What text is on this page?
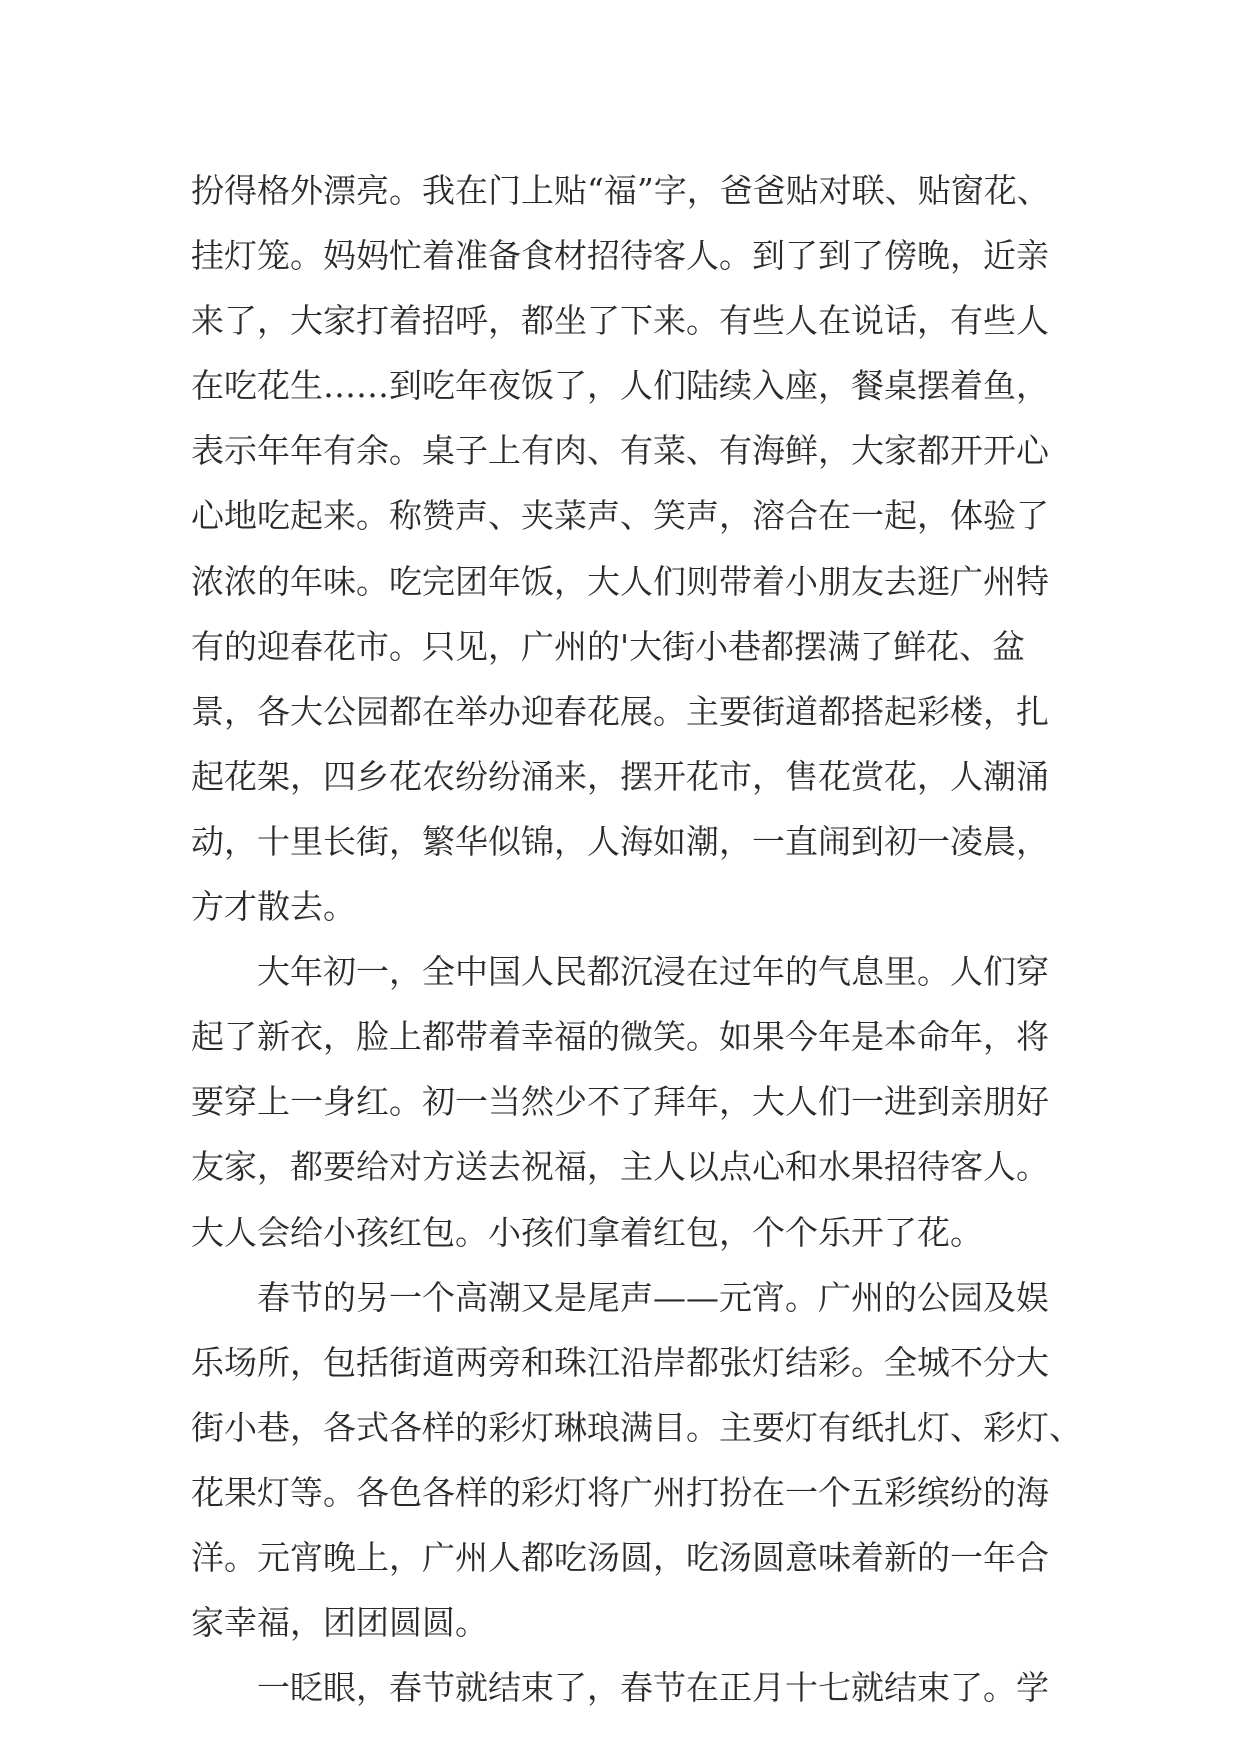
扮得格外漂亮。我在门上贴“福”字，爸爸贴对联、贴窗花、
挂灯笼。妈妈忙着准备食材招待客人。到了到了傍晚，近亲
来了，大家打着招呼，都坐了下来。有些人在说话，有些人
在吃花生……到吃年夜饭了，人们陆续入座，餐桌摆着鱼，
表示年年有余。桌子上有肉、有菜、有海鲜，大家都开开心
心地吃起来。称赞声、夹菜声、笑声，溶合在一起，体验了
浓浓的年味。吃完团年饭，大人们则带着小朋友去逛广州特
有的迎春花市。只见，广州的'大街小巷都摆满了鲜花、盆
景，各大公园都在举办迎春花展。主要街道都搭起彩楼，扎
起花架，四乡花农纷纷涌来，摆开花市，售花赏花，人潮涌
动，十里长街，繁华似锦，人海如潮，一直闹到初一凌晨，
方才散去。
大年初一，全中国人民都沉浸在过年的气息里。人们穿
起了新衣，脸上都带着幸福的微笑。如果今年是本命年，将
要穿上一身红。初一当然少不了拜年，大人们一进到亲朋好
友家，都要给对方送去祝福，主人以点心和水果招待客人。
大人会给小孩红包。小孩们拿着红包，个个乐开了花。
春节的另一个高潮又是尾声——元宵。广州的公园及娱
乐场所，包括街道两旁和珠江沿岸都张灯结彩。全城不分大
街小巷，各式各样的彩灯琳琅满目。主要灯有纸扎灯、彩灯、
花果灯等。各色各样的彩灯将广州打扮在一个五彩缤纷的海
洋。元宵晚上，广州人都吃汤圆，吃汤圆意味着新的一年合
家幸福，团团圆圆。
一眨眼，春节就结束了，春节在正月十七就结束了。学
